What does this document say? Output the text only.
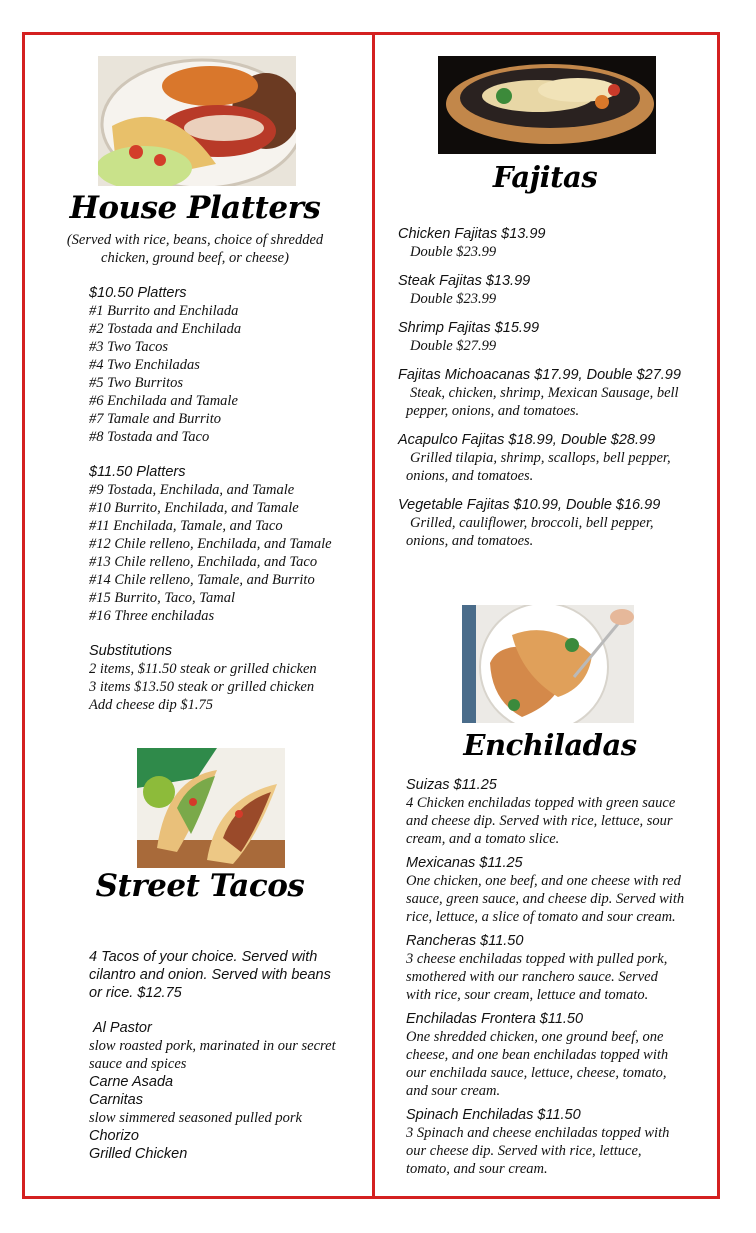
House Platters
(Served with rice, beans, choice of shredded
chicken, ground beef, or cheese)
$10.50 Platters
#1 Burrito and Enchilada
#2 Tostada and Enchilada
#3 Two Tacos
#4 Two Enchiladas
#5 Two Burritos
#6 Enchilada and Tamale
#7 Tamale and Burrito
#8 Tostada and Taco
$11.50 Platters
#9 Tostada, Enchilada, and Tamale
#10 Burrito, Enchilada, and Tamale
#11 Enchilada, Tamale, and Taco
#12 Chile relleno, Enchilada, and Tamale
#13 Chile relleno, Enchilada, and Taco
#14 Chile relleno, Tamale, and Burrito
#15 Burrito, Taco, Tamal
#16 Three enchiladas
Substitutions
2 items, $11.50 steak or grilled chicken
3 items $13.50 steak or grilled chicken
Add cheese dip $1.75
Street Tacos
4 Tacos of your choice. Served with
cilantro and onion. Served with beans
or rice. $12.75
Al Pastor
slow roasted pork, marinated in our secret
sauce and spices
Carne Asada
Carnitas
slow simmered seasoned pulled pork
Chorizo
Grilled Chicken
Fajitas
Chicken Fajitas $13.99
Double $23.99
Steak Fajitas $13.99
Double $23.99
Shrimp Fajitas $15.99
Double $27.99
Fajitas Michoacanas $17.99, Double $27.99
Steak, chicken, shrimp, Mexican Sausage, bell
pepper, onions, and tomatoes.
Acapulco Fajitas $18.99, Double $28.99
Grilled tilapia, shrimp, scallops, bell pepper,
onions, and tomatoes.
Vegetable Fajitas $10.99, Double $16.99
Grilled, cauliflower, broccoli, bell pepper,
onions, and tomatoes.
Enchiladas
Suizas $11.25
4 Chicken enchiladas topped with green sauce
and cheese dip. Served with rice, lettuce, sour
cream, and a tomato slice.
Mexicanas $11.25
One chicken, one beef, and one cheese with red
sauce, green sauce, and cheese dip. Served with
rice, lettuce, a slice of tomato and sour cream.
Rancheras $11.50
3 cheese enchiladas topped with pulled pork,
smothered with our ranchero sauce. Served
with rice, sour cream, lettuce and tomato.
Enchiladas Frontera $11.50
One shredded chicken, one ground beef, one
cheese, and one bean enchiladas topped with
our enchilada sauce, lettuce, cheese, tomato,
and sour cream.
Spinach Enchiladas $11.50
3 Spinach and cheese enchiladas topped with
our cheese dip. Served with rice, lettuce,
tomato, and sour cream.
